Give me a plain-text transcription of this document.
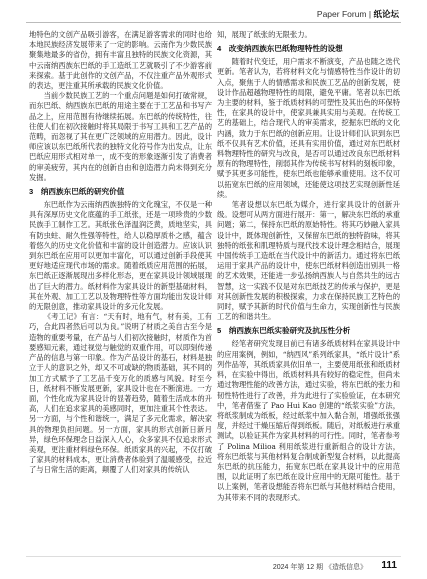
Paper Forum | 纸论坛

地特色的文创产品吸引游客，在满足游客需求的同时也给本地民族经济发展带来了一定的影响。云南作为少数民族聚集地最多的省份，拥有丰富且独特的民族文化资源，其中云南纳西族东巴纸的手工造纸工艺就吸引了不少游客前来探索。基于此创作的文创产品，不仅注重产品外观形式的表达，更注重其所承载的民族文化价值。

当前少数民族工艺的一个重点问题是如何打破常规，而东巴纸、纳西族东巴纸的用途主要在于工艺品和书写产品之上，应用范围有待继续拓展。东巴纸的传统特性，往往使人们在初次接触时将其局限于书写工具和工艺产品的范畴，而忽视了其在更广泛领域的应用潜力。因此，设计师应该以东巴纸所代表的独特文化符号作为出发点，让东巴纸应用形式相对单一，成不变的形象逐渐引发了消费者的审美疲劳，其内在的创新自由和创造潜力尚未得到充分发掘。

3　纳西族东巴纸的研究价值

东巴纸作为云南纳西族独特的文化瑰宝，不仅是一种具有深厚历史文化底蕴的手工纸张，还是一项珍贵的少数民族手工制作工艺。其纸张色泽温润泛黄，质地坚实，具有防虫蛀、耐久性强等特性，给人以稳厚质朴之感，蕴含着悠久的历史文化价值和丰富的设计创造潜力。应该认识到东巴纸在应用可以更加丰富化，可以通过创新手段使其更好地适应现代市场的需求。随着纸质应用范围的拓展，东巴纸正逐渐展现出多样化形态，更在家具设计领域展现出了巨大的潜力。纸材料作为家具设计的新型基础材料，其在外观、加工工艺以及物理特性等方面均能出发设计师的无限创意，推动家具设计的多元化发展。

《考工记》有言：“天有时，地有气，材有美，工有巧，合此四者然后可以为良。”说明了材质之美自古至今是造物的重要考量，在产品与人们初次接触时，材质作为首要感知元素，通过视觉与触觉的双重作用，可以即刻传递产品的信息与第一印象。作为产品设计的基石，材料是独立于人的意识之外，却又不可或缺的物质基础，其不同的加工方式赋予了工艺品千变万化的质感与风貌。时至今日，纸材料不断发展更新，家具设计也在不断演进。一方面，个性化成为家具设计的显著趋势，随着生活成本的升高，人们在追求家具的美感同时，更加注重其个性表达。另一方面，与个性和谐统一，满足了多元化需求，解决家具的物理负担问题。另一方面，家具的形式创新日新月异，绿色环保理念日益深入人心，众多家具不仅追求形式美观，更注重材料绿色环保。纸质家具的兴起，不仅打破了家具的材料成本，更让消费者体验到了温暖感受，拉近了与日常生活的距离，颠覆了人们对家具的传统认

知，展现了纸张的无限张力。

4　改变纳西族东巴纸物理特性的设想

随着时代变迁，用户需求不断演变，产品也随之迭代更新。笔者认为，若将材料文化与情感特性当作设计的切入点，聚焦于人的情感需求和民族工艺品的创新发展，使设计作品超越物理特性的局限，避免平庸。笔者以东巴纸为主要的材料，鉴于纸质材料的可塑性及其出色的环保特性，在家具的设计中，使家具兼具实用与美观。在传统工艺的基础上，结合现代人的审美需求，挖掘东巴纸的文化内涵，致力于东巴纸的创新应用。让设计师们认识到东巴纸不仅具有艺术价值，还具有实用价值，通过对东巴纸材料物理特性的研究与改良，是否可以通过改良东巴纸材料原有的物理特性，削弱其作为传统书写材料的刻板印象，赋予其更多可能性，使东巴纸也能够承重使用。这不仅可以拓宽东巴纸的应用领域，还能使这项技艺实现创新性延续。

笔者设想以东巴纸为媒介，进行家具设计的创新升级。设想可从两方面进行展开：第一，解决东巴纸的承重问题；第二，保持东巴纸的原始特性。将其巧妙融入家具设计中，既体现创新性，又保留东巴纸的独特韵味，将其独特的纸张和肌理特质与现代技术设计理念相结合，展现中国传统手工造纸在当代设计中的新活力。通过将东巴纸运用于家具产品的设计中，使东巴纸材料创造出别具一格的艺术效果，还能进一步弘扬纳西族人与自然共生的远古智慧，这一实践不仅是对东巴纸技艺的传承与保护，更是对其创新性发展的积极探索，力求在保持民族工艺特色的同时，赋予其新的时代价值与生命力，实现创新性与民族工艺的和谐共生。

5　纳西族东巴纸实验研究及抗压性分析

经笔者研究发现目前已有诸多纸质材料在家具设计中的应用案例，例如，“纳西风”系列纸家具，“纸片设计”系列作品等，其纸质家具依旧单一，主要使用纸张和纸质材料，在实验中得出，纸质材料具有较好的稳定性，但尚未通过物理性能的改善方法，通过实验，将东巴纸的张力和韧性特性进行了改善，并为此进行了实验验证，在本研究中，笔者借鉴了 Pao Hui Kao 创建的“纸浆实验”方法，将纸浆制成为纸板，经过纸浆中加入黏合剂，增强纸张强度，并经过干燥压缩后得到纸板。随后，对纸板进行承重测试，以验证其作为家具材料的可行性。同时，笔者参考了 Polina Milioa 利用纸浆进行重新组合的设计方法，将东巴纸浆与其他材料复合制成新型复合材料，以此提高东巴纸的抗压能力，拓宽东巴纸在家具设计中的应用范围，以此证明了东巴纸在设计应用中的无限可能性。基于以上案例，笔者设想能否将东巴纸与其他材料结合使用，为其带来不同的表现形式。

2024 年第 12 期 《造纸信息》 111
